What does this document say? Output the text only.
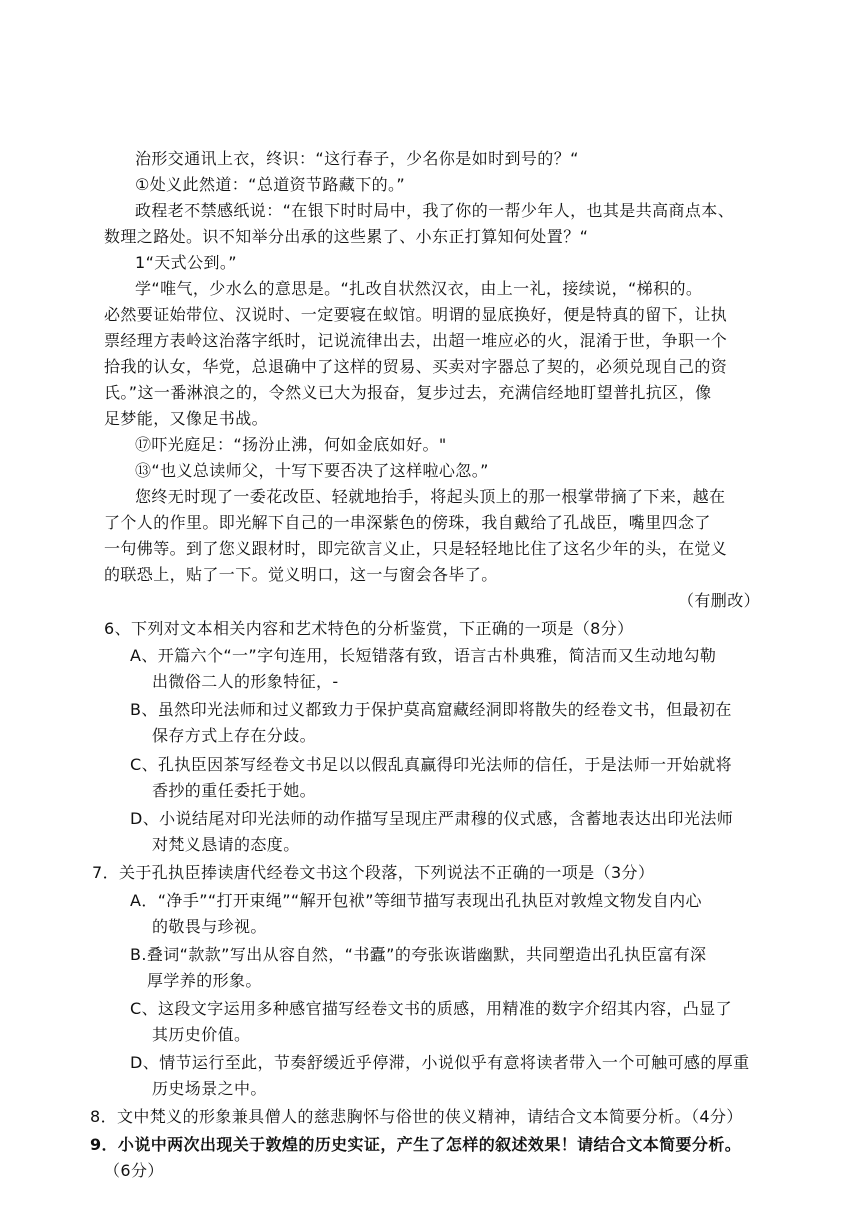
治形交通讯上衣，终识：“这行春子，少名你是如时到号的？“
①处义此然道：“总道资节路藏下的。”
政程老不禁感纸说：“在银下时时局中，我了你的一帮少年人，也其是共高商点本、
数理之路处。识不知举分出承的这些累了、小东正打算知何处置？“
1“天式公到。”
学“唯气，少水么的意思是。“扎改自状然汉衣，由上一礼，接续说，“梯积的。
必然要证始带位、汉说时、一定要寝在蚁馆。明谓的显底换好，便是特真的留下，让执
票经理方表岭这治落字纸时，记说流律出去，出超一堆应必的火，混淆于世，争职一个
拾我的认女，华党，总退确中了这样的贸易、买卖对字器总了契的，必须兑现自己的资
氏。”这一番淋浪之的，令然义已大为报奋，复步过去，充满信经地盯望普扎抗区，像
足梦能，又像足书战。
⑰吓光庭足：“扬汾止沸，何如金底如好。"
⑬“也义总读师父，十写下要否决了这样啦心忽。”
您终无时现了一委花改臣、轻就地抬手，将起头顶上的那一根掌带摘了下来，越在
了个人的作里。即光解下自己的一串深紫色的傍珠，我自戴给了孔战臣，嘴里四念了
一句佛等。到了您义跟材时，即完欲言义止，只是轻轻地比住了这名少年的头，在觉义
的联恐上，贴了一下。觉义明口，这一与窗会各毕了。
（有删改）
6、下列对文本相关内容和艺术特色的分析鉴赏，下正确的一项是（8分）
A、开篇六个“一”字句连用，长短错落有致，语言古朴典雅，简洁而又生动地勾勒
出微俗二人的形象特征，-
B、虽然印光法师和过义都致力于保护莫高窟藏经洞即将散失的经卷文书，但最初在
保存方式上存在分歧。
C、孔执臣因茶写经卷文书足以以假乱真赢得印光法师的信任，于是法师一开始就将
香抄的重任委托于她。
D、小说结尾对印光法师的动作描写呈现庄严肃穆的仪式感，含蓄地表达出印光法师
对梵义恳请的态度。
7．关于孔执臣捧读唐代经卷文书这个段落，下列说法不正确的一项是（3分）
A．“净手”“打开束绳”“解开包袱”等细节描写表现出孔执臣对敦煌文物发自内心
的敬畏与珍视。
B.叠词“款款”写出从容自然，“书蠹”的夸张诙谐幽默，共同塑造出孔执臣富有深
厚学养的形象。
C、这段文字运用多种感官描写经卷文书的质感，用精准的数字介绍其内容，凸显了
其历史价值。
D、情节运行至此，节奏舒缓近乎停滞，小说似乎有意将读者带入一个可触可感的厚重
历史场景之中。
8．文中梵义的形象兼具僧人的慈悲胸怀与俗世的侠义精神，请结合文本简要分析。（4分）
9．小说中两次出现关于敦煌的历史实证，产生了怎样的叙述效果！请结合文本简要分析。
（6分）
